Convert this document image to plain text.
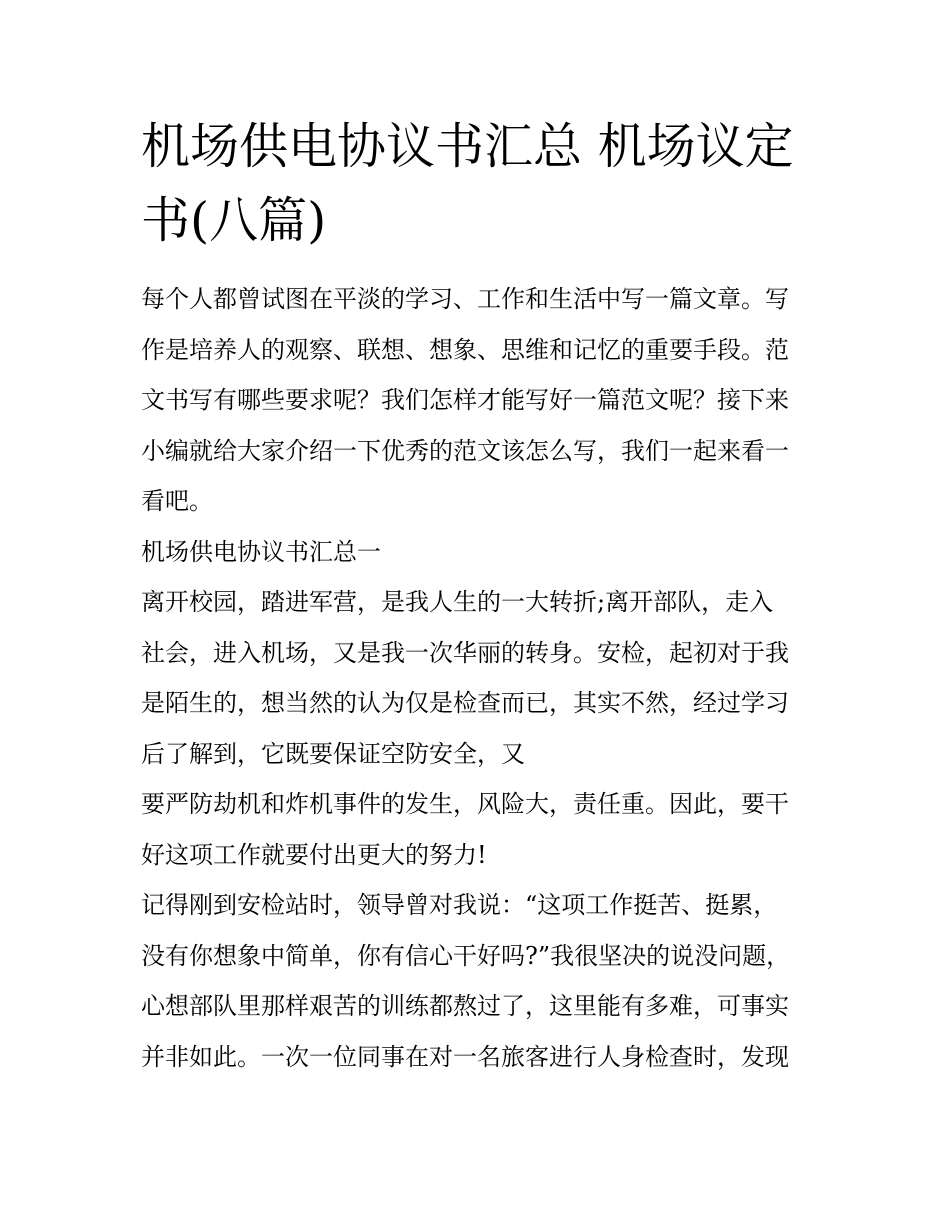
机场供电协议书汇总 机场议定
书(八篇)
每个人都曾试图在平淡的学习、工作和生活中写一篇文章。写
作是培养人的观察、联想、想象、思维和记忆的重要手段。范
文书写有哪些要求呢？我们怎样才能写好一篇范文呢？接下来
小编就给大家介绍一下优秀的范文该怎么写，我们一起来看一
看吧。
机场供电协议书汇总一
离开校园，踏进军营，是我人生的一大转折;离开部队，走入
社会，进入机场，又是我一次华丽的转身。安检，起初对于我
是陌生的，想当然的认为仅是检查而已，其实不然，经过学习
后了解到，它既要保证空防安全，又
要严防劫机和炸机事件的发生，风险大，责任重。因此，要干
好这项工作就要付出更大的努力!
记得刚到安检站时，领导曾对我说：“这项工作挺苦、挺累，
没有你想象中简单，你有信心干好吗?”我很坚决的说没问题，
心想部队里那样艰苦的训练都熬过了，这里能有多难，可事实
并非如此。一次一位同事在对一名旅客进行人身检查时，发现
